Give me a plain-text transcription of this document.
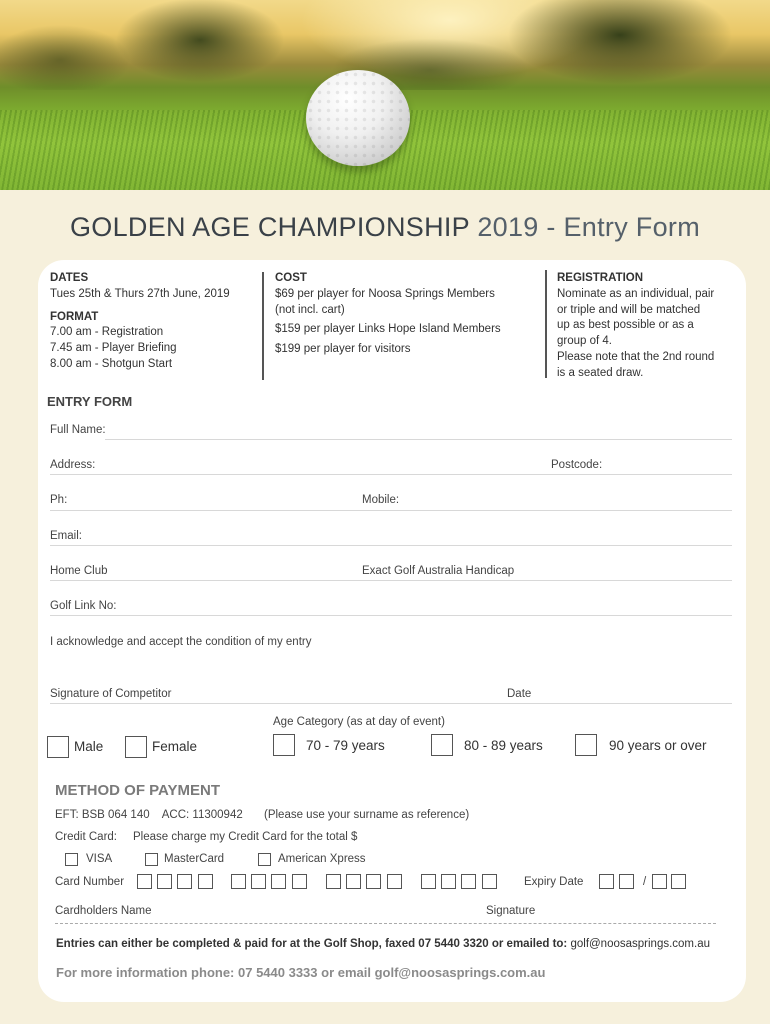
GOLDEN AGE CHAMPIONSHIP 2019 - Entry Form
DATES
Tues 25th & Thurs 27th June, 2019
FORMAT
7.00 am - Registration
7.45 am - Player Briefing
8.00 am - Shotgun Start
COST
$69 per player for Noosa Springs Members
(not incl. cart)
$159 per player Links Hope Island Members
$199 per player for visitors
REGISTRATION
Nominate as an individual, pair
or triple and will be matched
up as best possible or as a
group of 4.
Please note that the 2nd round
is a seated draw.
ENTRY FORM
Full Name:
Address:	Postcode:
Ph:	Mobile:
Email:
Home Club	Exact Golf Australia Handicap
Golf Link No:
I acknowledge and accept the condition of my entry
Signature of Competitor	Date
Age Category (as at day of event)
Male	Female	70 - 79 years	80 - 89 years	90 years or over
METHOD OF PAYMENT
EFT: BSB 064 140    ACC: 11300942 (Please use your surname as reference)
Credit Card: Please charge my Credit Card for the total $
VISA	MasterCard	American Xpress
Card Number	Expiry Date	/
Cardholders Name	Signature
Entries can either be completed & paid for at the Golf Shop, faxed 07 5440 3320 or emailed to: golf@noosasprings.com.au
For more information phone: 07 5440 3333 or email golf@noosasprings.com.au
